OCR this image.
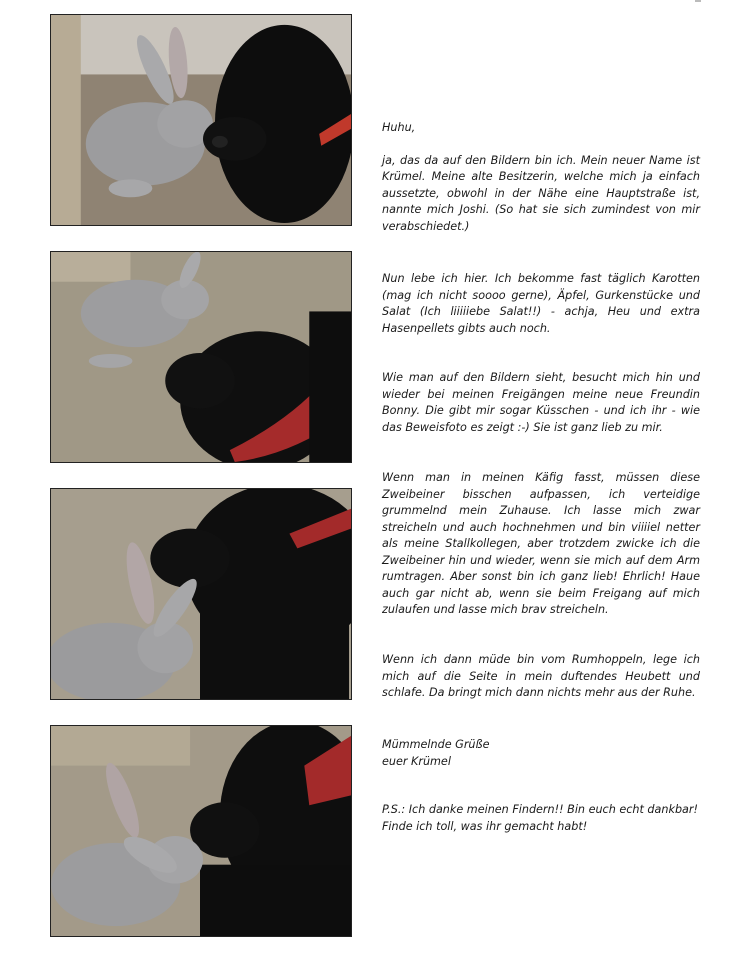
Huhu,

ja, das da auf den Bildern bin ich. Mein neuer Name ist Krümel. Meine alte Besitzerin, welche mich ja einfach aussetzte, obwohl in der Nähe eine Hauptstraße ist, nannte mich Joshi. (So hat sie sich zumindest von mir verabschiedet.)

Nun lebe ich hier. Ich bekomme fast täglich Karotten (mag ich nicht soooo gerne), Äpfel, Gurkenstücke und Salat (Ich liiiiiebe Salat!!) - achja, Heu und extra Hasenpellets gibts auch noch.

Wie man auf den Bildern sieht, besucht mich hin und wieder bei meinen Freigängen meine neue Freundin Bonny. Die gibt mir sogar Küsschen - und ich ihr - wie das Beweisfoto es zeigt :-) Sie ist ganz lieb zu mir.

Wenn man in meinen Käfig fasst, müssen diese Zweibeiner bisschen aufpassen, ich verteidige grummelnd mein Zuhause. Ich lasse mich zwar streicheln und auch hochnehmen und bin viiiiel netter als meine Stallkollegen, aber trotzdem zwicke ich die Zweibeiner hin und wieder, wenn sie mich auf dem Arm rumtragen. Aber sonst bin ich ganz lieb! Ehrlich! Haue auch gar nicht ab, wenn sie beim Freigang auf mich zulaufen und lasse mich brav streicheln.

Wenn ich dann müde bin vom Rumhoppeln, lege ich mich auf die Seite in mein duftendes Heubett und schlafe. Da bringt mich dann nichts mehr aus der Ruhe.

Mümmelnde Grüße

euer Krümel

P.S.: Ich danke meinen Findern!! Bin euch echt dankbar! Finde ich toll, was ihr gemacht habt!
